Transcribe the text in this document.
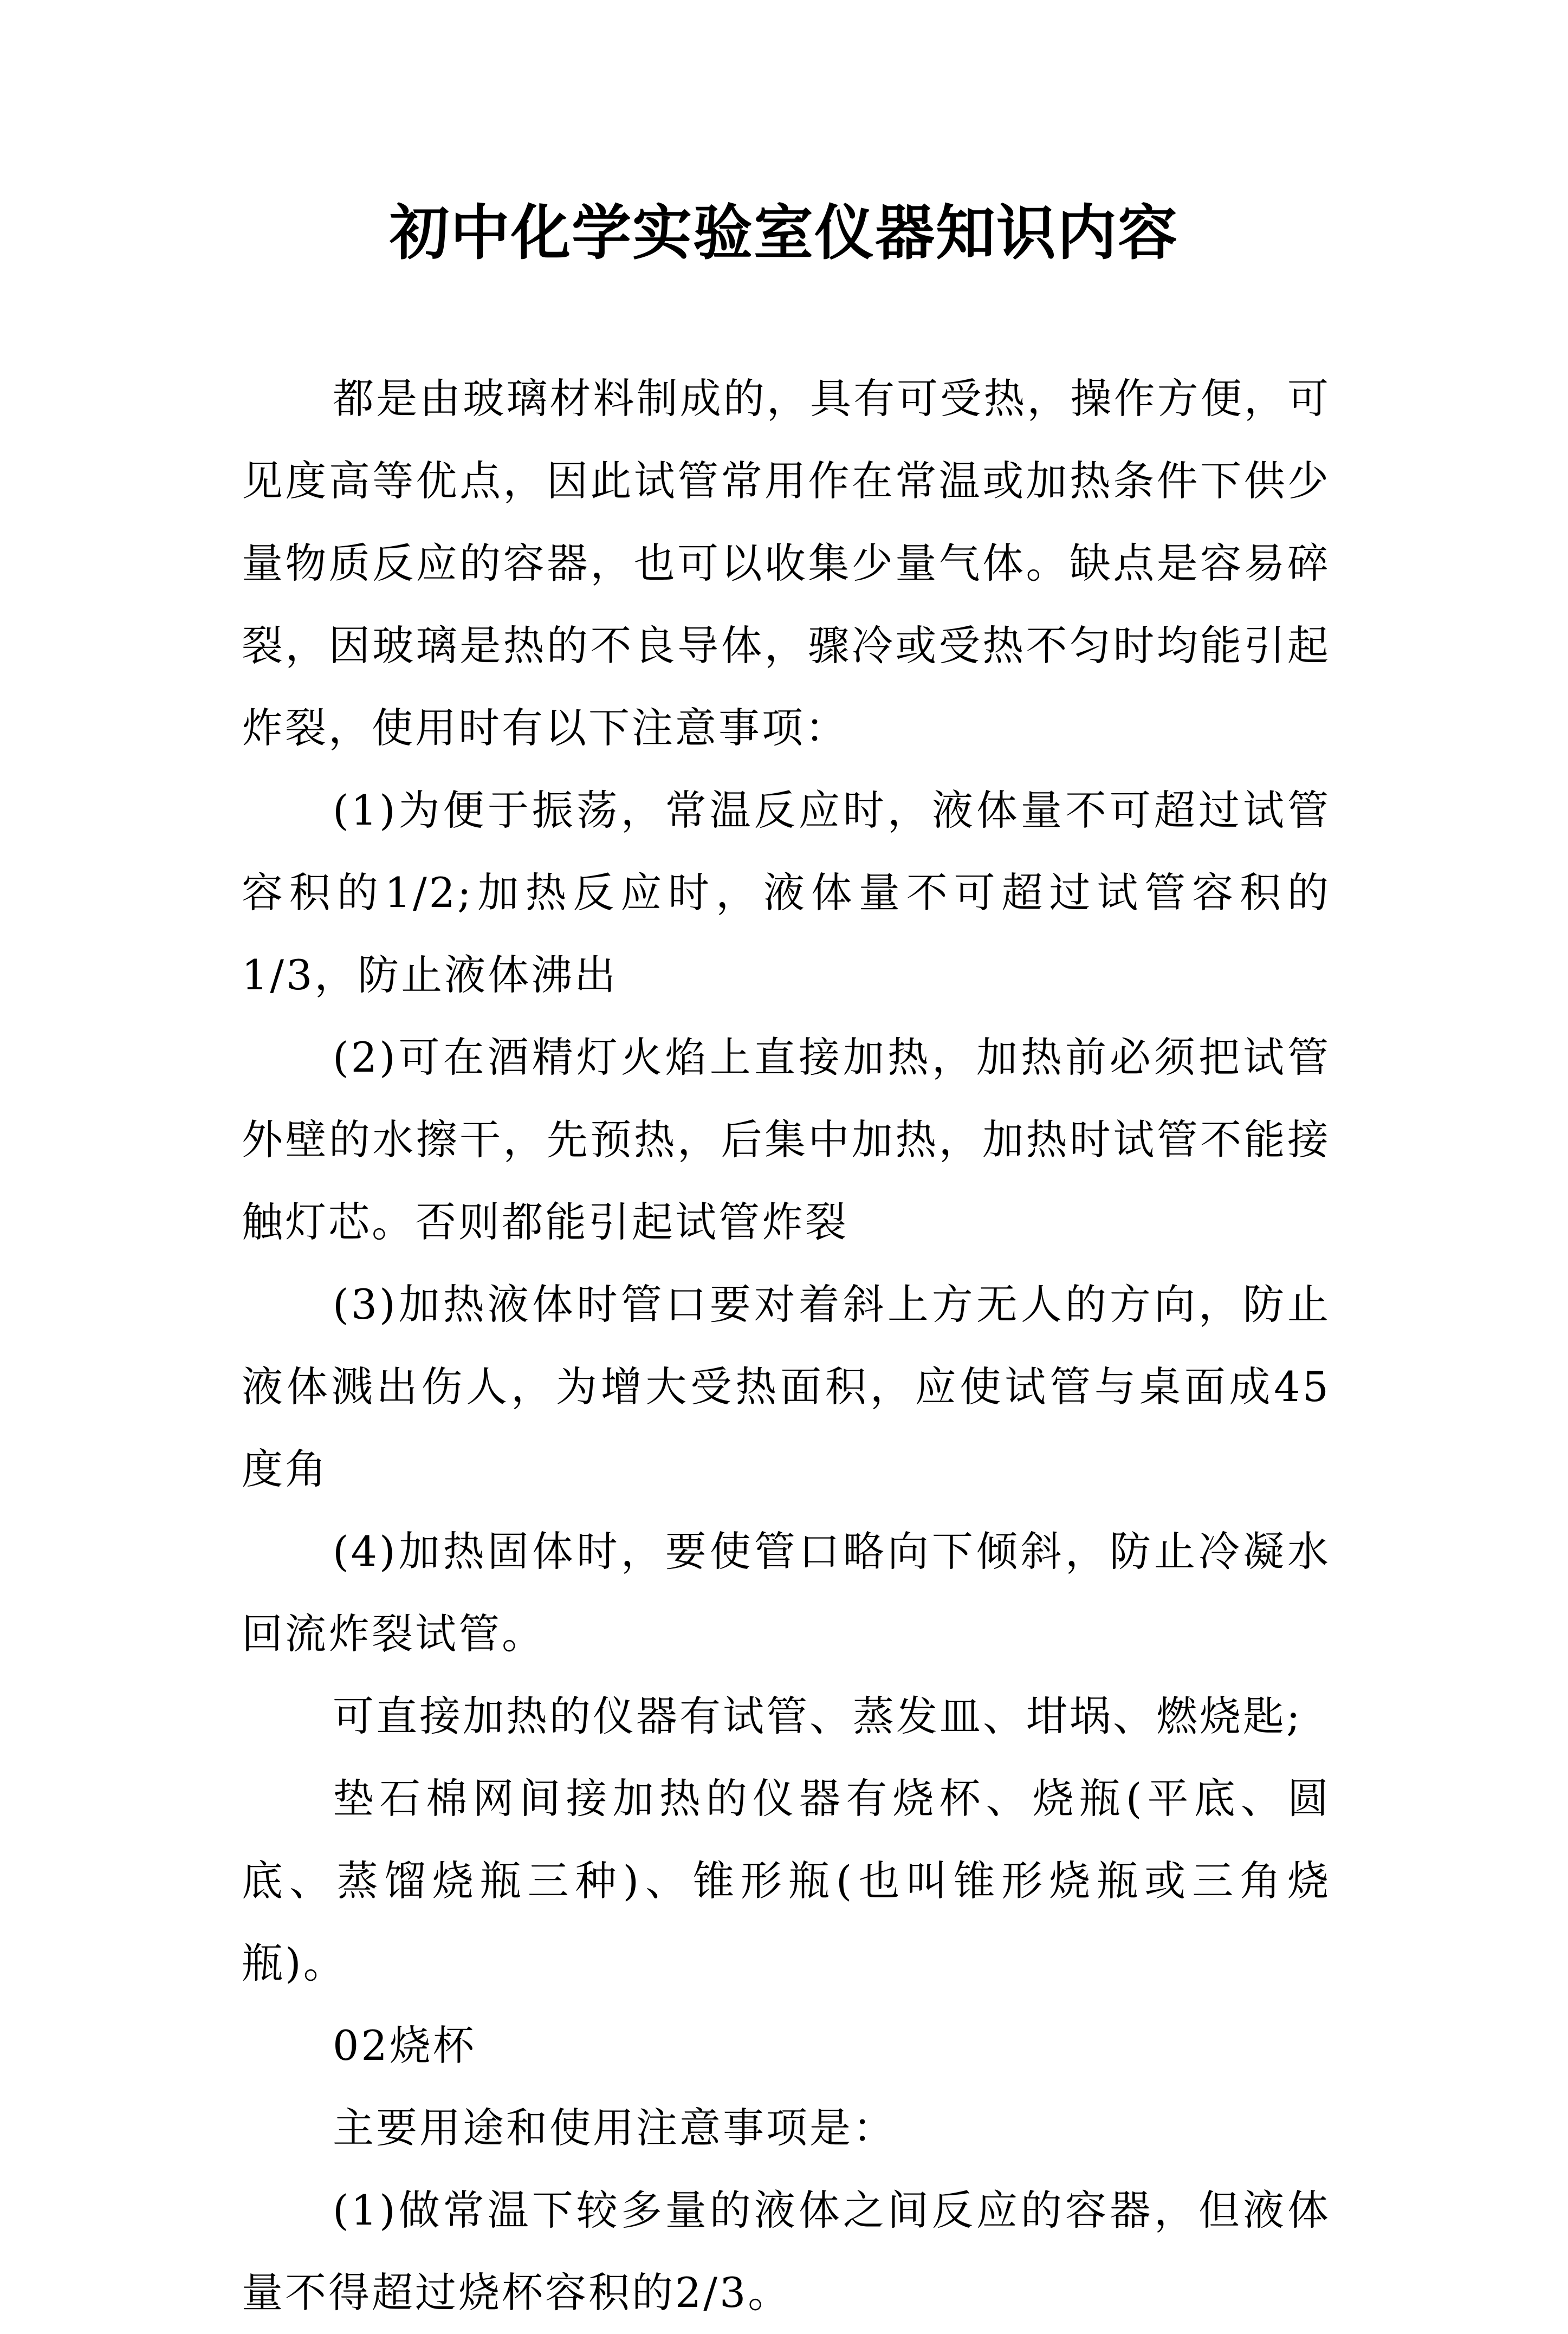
初中化学实验室仪器知识内容

都是由玻璃材料制成的，具有可受热，操作方便，可见度高等优点，因此试管常用作在常温或加热条件下供少量物质反应的容器，也可以收集少量气体。缺点是容易碎裂，因玻璃是热的不良导体，骤冷或受热不匀时均能引起炸裂，使用时有以下注意事项：

(1)为便于振荡，常温反应时，液体量不可超过试管容积的1/2;加热反应时，液体量不可超过试管容积的1/3，防止液体沸出

(2)可在酒精灯火焰上直接加热，加热前必须把试管外壁的水擦干，先预热，后集中加热，加热时试管不能接触灯芯。否则都能引起试管炸裂

(3)加热液体时管口要对着斜上方无人的方向，防止液体溅出伤人，为增大受热面积，应使试管与桌面成45度角

(4)加热固体时，要使管口略向下倾斜，防止冷凝水回流炸裂试管。

可直接加热的仪器有试管、蒸发皿、坩埚、燃烧匙;

垫石棉网间接加热的仪器有烧杯、烧瓶(平底、圆底、蒸馏烧瓶三种)、锥形瓶(也叫锥形烧瓶或三角烧瓶)。

02烧杯

主要用途和使用注意事项是：

(1)做常温下较多量的液体之间反应的容器，但液体量不得超过烧杯容积的2/3。
